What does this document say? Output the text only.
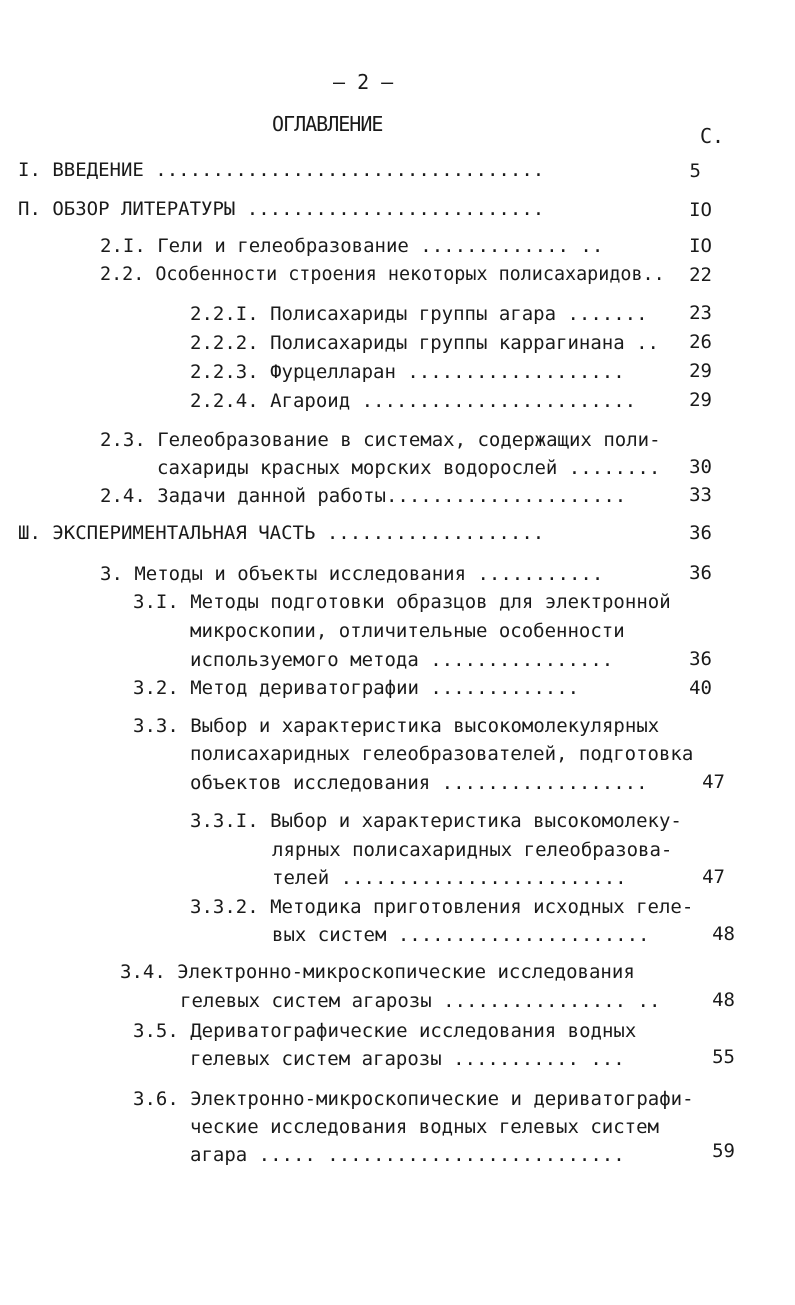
– 2 –
ОГЛАВЛЕНИЕ	С.
I. ВВЕДЕНИЕ ..................................	5
П. ОБЗОР ЛИТЕРАТУРЫ ..........................	IO
2.I. Гели и гелеобразование ............. ..	IO
2.2. Особенности строения некоторых полисахаридов..	22
2.2.I. Полисахариды группы агара .......	23
2.2.2. Полисахариды группы каррагинана ..	26
2.2.3. Фурцелларан ...................	29
2.2.4. Агароид ........................	29
2.3. Гелеобразование в системах, содержащих поли-
сахариды красных морских водорослей ........	30
2.4. Задачи данной работы.....................	33
Ш. ЭКСПЕРИМЕНТАЛЬНАЯ ЧАСТЬ ...................	36
3. Методы и объекты исследования ...........	36
3.I. Методы подготовки образцов для электронной
микроскопии, отличительные особенности
используемого метода ................	36
3.2. Метод дериватографии .............	40
3.3. Выбор и характеристика высокомолекулярных
полисахаридных гелеобразователей, подготовка
объектов исследования ..................	47
3.3.I. Выбор и характеристика высокомолеку-
лярных полисахаридных гелеобразова-
телей .........................	47
3.3.2. Методика приготовления исходных геле-
вых систем ......................	48
3.4. Электронно-микроскопические исследования
гелевых систем агарозы ................ ..	48
3.5. Дериватографические исследования водных
гелевых систем агарозы ........... ...	55
3.6. Электронно-микроскопические и дериватографи-
ческие исследования водных гелевых систем
агара ..... ..........................	59
